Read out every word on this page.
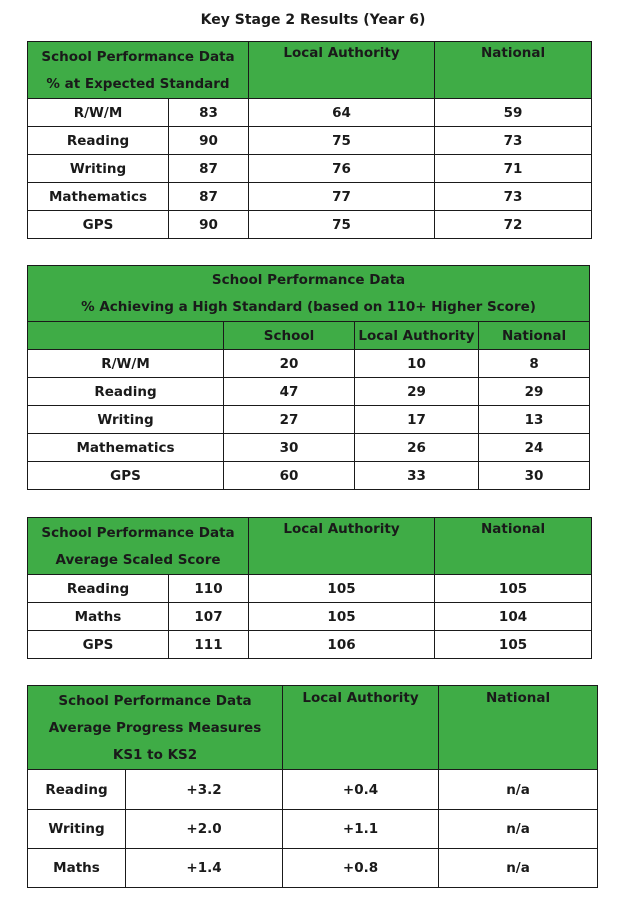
Key Stage 2 Results (Year 6)
School Performance Data
% at Expected Standard		Local Authority	National
R/W/M	83	64	59
Reading	90	75	73
Writing	87	76	71
Mathematics	87	77	73
GPS	90	75	72
School Performance Data
% Achieving a High Standard (based on 110+ Higher Score)			

	School	Local Authority	National
R/W/M	20	10	8
Reading	47	29	29
Writing	27	17	13
Mathematics	30	26	24
GPS	60	33	30
School Performance Data
Average Scaled Score		Local Authority	National
Reading	110	105	105
Maths	107	105	104
GPS	111	106	105
School Performance Data
Average Progress Measures
KS1 to KS2		Local Authority	National
Reading	+3.2	+0.4	n/a
Writing	+2.0	+1.1	n/a
Maths	+1.4	+0.8	n/a
